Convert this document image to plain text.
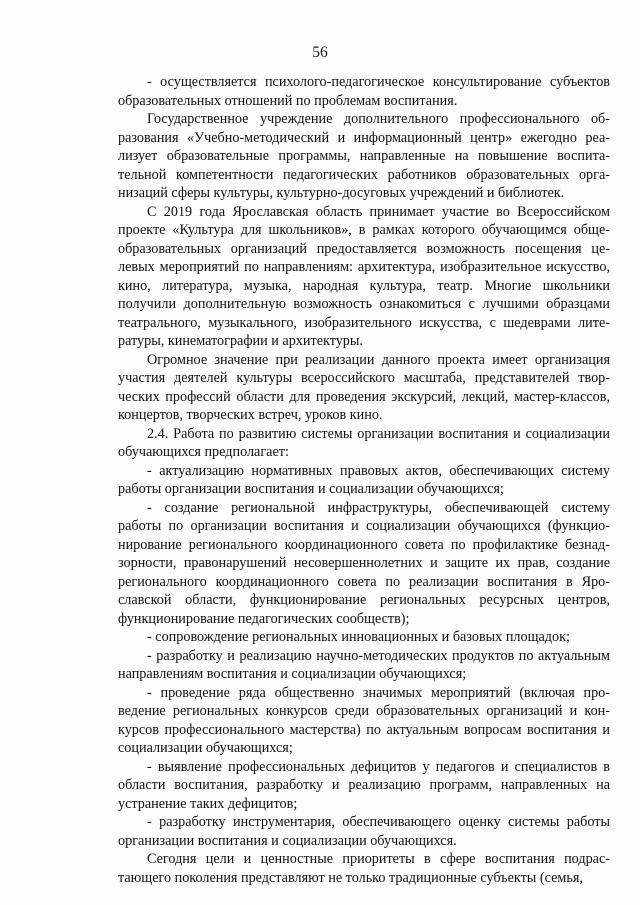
56

- осуществляется психолого-педагогическое консультирование субъектов образовательных отношений по проблемам воспитания.

Государственное учреждение дополнительного профессионального образования «Учебно-методический и информационный центр» ежегодно реализует образовательные программы, направленные на повышение воспитательной компетентности педагогических работников образовательных организаций сферы культуры, культурно-досуговых учреждений и библиотек.

С 2019 года Ярославская область принимает участие во Всероссийском проекте «Культура для школьников», в рамках которого обучающимся общеобразовательных организаций предоставляется возможность посещения целевых мероприятий по направлениям: архитектура, изобразительное искусство, кино, литература, музыка, народная культура, театр. Многие школьники получили дополнительную возможность ознакомиться с лучшими образцами театрального, музыкального, изобразительного искусства, с шедеврами литературы, кинематографии и архитектуры.

Огромное значение при реализации данного проекта имеет организация участия деятелей культуры всероссийского масштаба, представителей творческих профессий области для проведения экскурсий, лекций, мастер-классов, концертов, творческих встреч, уроков кино.

2.4. Работа по развитию системы организации воспитания и социализации обучающихся предполагает:

- актуализацию нормативных правовых актов, обеспечивающих систему работы организации воспитания и социализации обучающихся;

- создание региональной инфраструктуры, обеспечивающей систему работы по организации воспитания и социализации обучающихся (функционирование регионального координационного совета по профилактике безнадзорности, правонарушений несовершеннолетних и защите их прав, создание регионального координационного совета по реализации воспитания в Ярославской области, функционирование региональных ресурсных центров, функционирование педагогических сообществ);

- сопровождение региональных инновационных и базовых площадок;

- разработку и реализацию научно-методических продуктов по актуальным направлениям воспитания и социализации обучающихся;

- проведение ряда общественно значимых мероприятий (включая проведение региональных конкурсов среди образовательных организаций и конкурсов профессионального мастерства) по актуальным вопросам воспитания и социализации обучающихся;

- выявление профессиональных дефицитов у педагогов и специалистов в области воспитания, разработку и реализацию программ, направленных на устранение таких дефицитов;

- разработку инструментария, обеспечивающего оценку системы работы организации воспитания и социализации обучающихся.

Сегодня цели и ценностные приоритеты в сфере воспитания подрастающего поколения представляют не только традиционные субъекты (семья,
